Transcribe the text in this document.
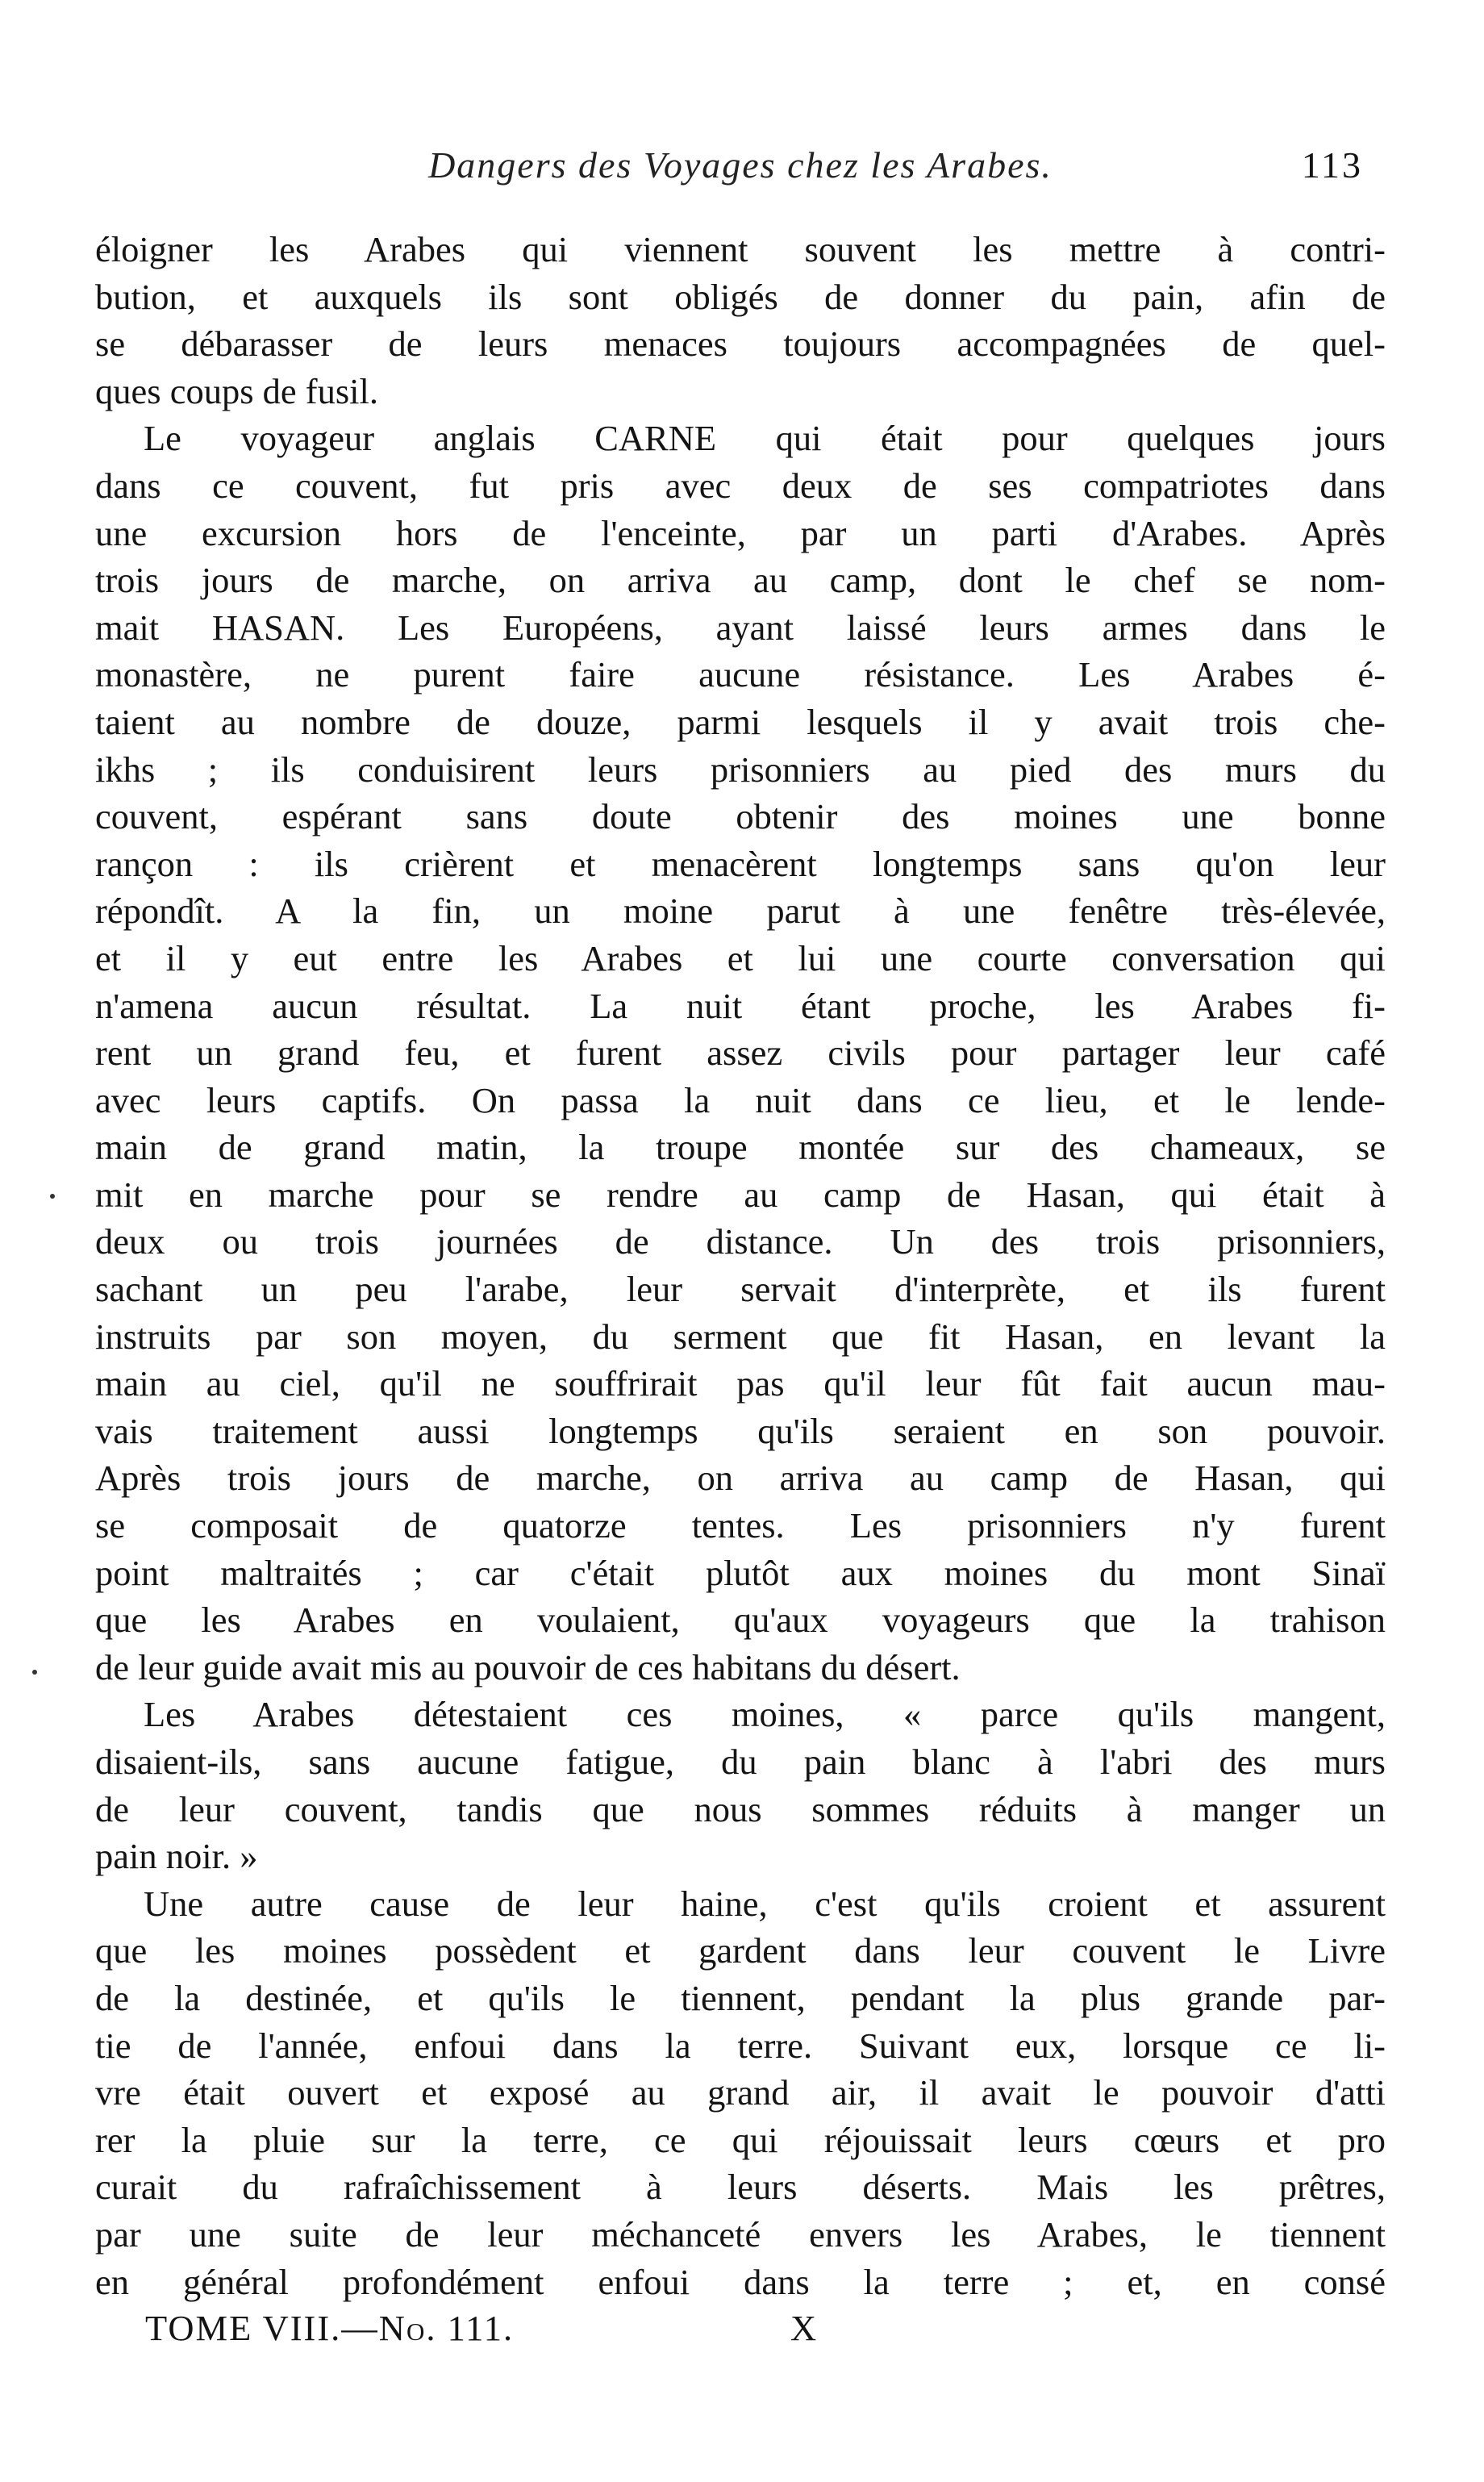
Dangers des Voyages chez les Arabes.	113
éloigner les Arabes qui viennent souvent les mettre à contri-
bution, et auxquels ils sont obligés de donner du pain, afin de
se débarasser de leurs menaces toujours accompagnées de quel-
ques coups de fusil.
Le voyageur anglais CARNE qui était pour quelques jours
dans ce couvent, fut pris avec deux de ses compatriotes dans
une excursion hors de l'enceinte, par un parti d'Arabes. Après
trois jours de marche, on arriva au camp, dont le chef se nom-
mait HASAN. Les Européens, ayant laissé leurs armes dans le
monastère, ne purent faire aucune résistance. Les Arabes é-
taient au nombre de douze, parmi lesquels il y avait trois che-
ikhs ; ils conduisirent leurs prisonniers au pied des murs du
couvent, espérant sans doute obtenir des moines une bonne
rançon : ils crièrent et menacèrent longtemps sans qu'on leur
répondît. A la fin, un moine parut à une fenêtre très-élevée,
et il y eut entre les Arabes et lui une courte conversation qui
n'amena aucun résultat. La nuit étant proche, les Arabes fi-
rent un grand feu, et furent assez civils pour partager leur café
avec leurs captifs. On passa la nuit dans ce lieu, et le lende-
main de grand matin, la troupe montée sur des chameaux, se
mit en marche pour se rendre au camp de Hasan, qui était à
deux ou trois journées de distance. Un des trois prisonniers,
sachant un peu l'arabe, leur servait d'interprète, et ils furent
instruits par son moyen, du serment que fit Hasan, en levant la
main au ciel, qu'il ne souffrirait pas qu'il leur fût fait aucun mau-
vais traitement aussi longtemps qu'ils seraient en son pouvoir.
Après trois jours de marche, on arriva au camp de Hasan, qui
se composait de quatorze tentes. Les prisonniers n'y furent
point maltraités ; car c'était plutôt aux moines du mont Sinaï
que les Arabes en voulaient, qu'aux voyageurs que la trahison
de leur guide avait mis au pouvoir de ces habitans du désert.
Les Arabes détestaient ces moines, « parce qu'ils mangent,
disaient-ils, sans aucune fatigue, du pain blanc à l'abri des murs
de leur couvent, tandis que nous sommes réduits à manger un
pain noir. »
Une autre cause de leur haine, c'est qu'ils croient et assurent
que les moines possèdent et gardent dans leur couvent le Livre
de la destinée, et qu'ils le tiennent, pendant la plus grande par-
tie de l'année, enfoui dans la terre. Suivant eux, lorsque ce li-
vre était ouvert et exposé au grand air, il avait le pouvoir d'atti
rer la pluie sur la terre, ce qui réjouissait leurs cœurs et pro
curait du rafraîchissement à leurs déserts. Mais les prêtres,
par une suite de leur méchanceté envers les Arabes, le tiennent
en général profondément enfoui dans la terre ; et, en consé
TOME VIII.—No. 111.	X
